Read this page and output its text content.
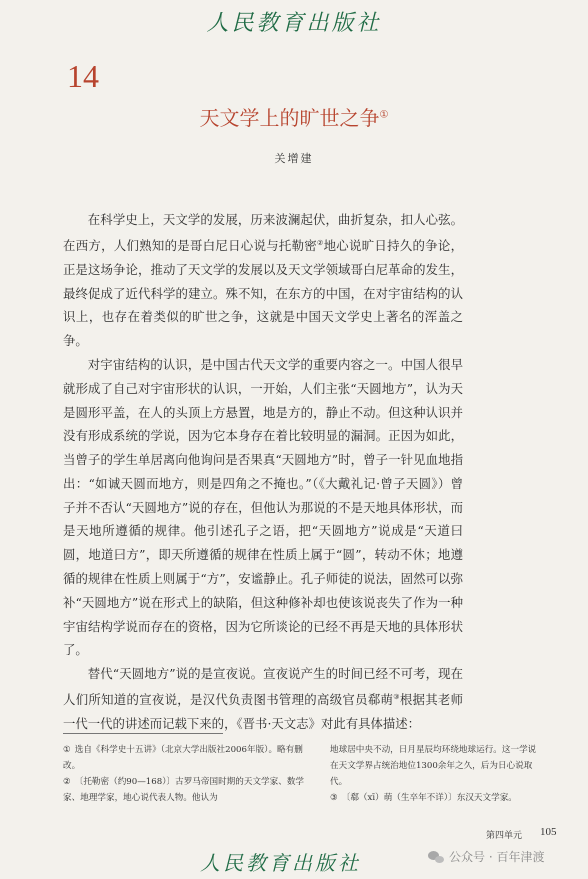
人民教育出版社
14
天文学上的旷世之争①
关增建

在科学史上，天文学的发展，历来波澜起伏，曲折复杂，扣人心弦。在西方，人们熟知的是哥白尼日心说与托勒密②地心说旷日持久的争论，正是这场争论，推动了天文学的发展以及天文学领域哥白尼革命的发生，最终促成了近代科学的建立。殊不知，在东方的中国，在对宇宙结构的认识上，也存在着类似的旷世之争，这就是中国天文学史上著名的浑盖之争。

对宇宙结构的认识，是中国古代天文学的重要内容之一。中国人很早就形成了自己对宇宙形状的认识，一开始，人们主张“天圆地方”，认为天是圆形平盖，在人的头顶上方悬置，地是方的，静止不动。但这种认识并没有形成系统的学说，因为它本身存在着比较明显的漏洞。正因为如此，当曾子的学生单居离向他询问是否果真“天圆地方”时，曾子一针见血地指出：“如诚天圆而地方，则是四角之不掩也。”（《大戴礼记·曾子天圆》）曾子并不否认“天圆地方”说的存在，但他认为那说的不是天地具体形状，而是天地所遵循的规律。他引述孔子之语，把“天圆地方”说成是“天道曰圆，地道曰方”，即天所遵循的规律在性质上属于“圆”，转动不休；地遵循的规律在性质上则属于“方”，安谧静止。孔子师徒的说法，固然可以弥补“天圆地方”说在形式上的缺陷，但这种修补却也使该说丧失了作为一种宇宙结构学说而存在的资格，因为它所谈论的已经不再是天地的具体形状了。

替代“天圆地方”说的是宣夜说。宣夜说产生的时间已经不可考，现在人们所知道的宣夜说，是汉代负责图书管理的高级官员郗萌③根据其老师一代一代的讲述而记载下来的，《晋书·天文志》对此有具体描述：

① 选自《科学史十五讲》（北京大学出版社2006年版）。略有删改。
② 〔托勒密（约90—168）〕古罗马帝国时期的天文学家、数学家、地理学家，地心说代表人物。他认为
地球居中央不动，日月星辰均环绕地球运行。这一学说在天文学界占统治地位1300余年之久，后为日心说取代。
③ 〔郗（xī）萌（生卒年不详）〕东汉天文学家。
第四单元 105
人民教育出版社	公众号 · 百年津渡
